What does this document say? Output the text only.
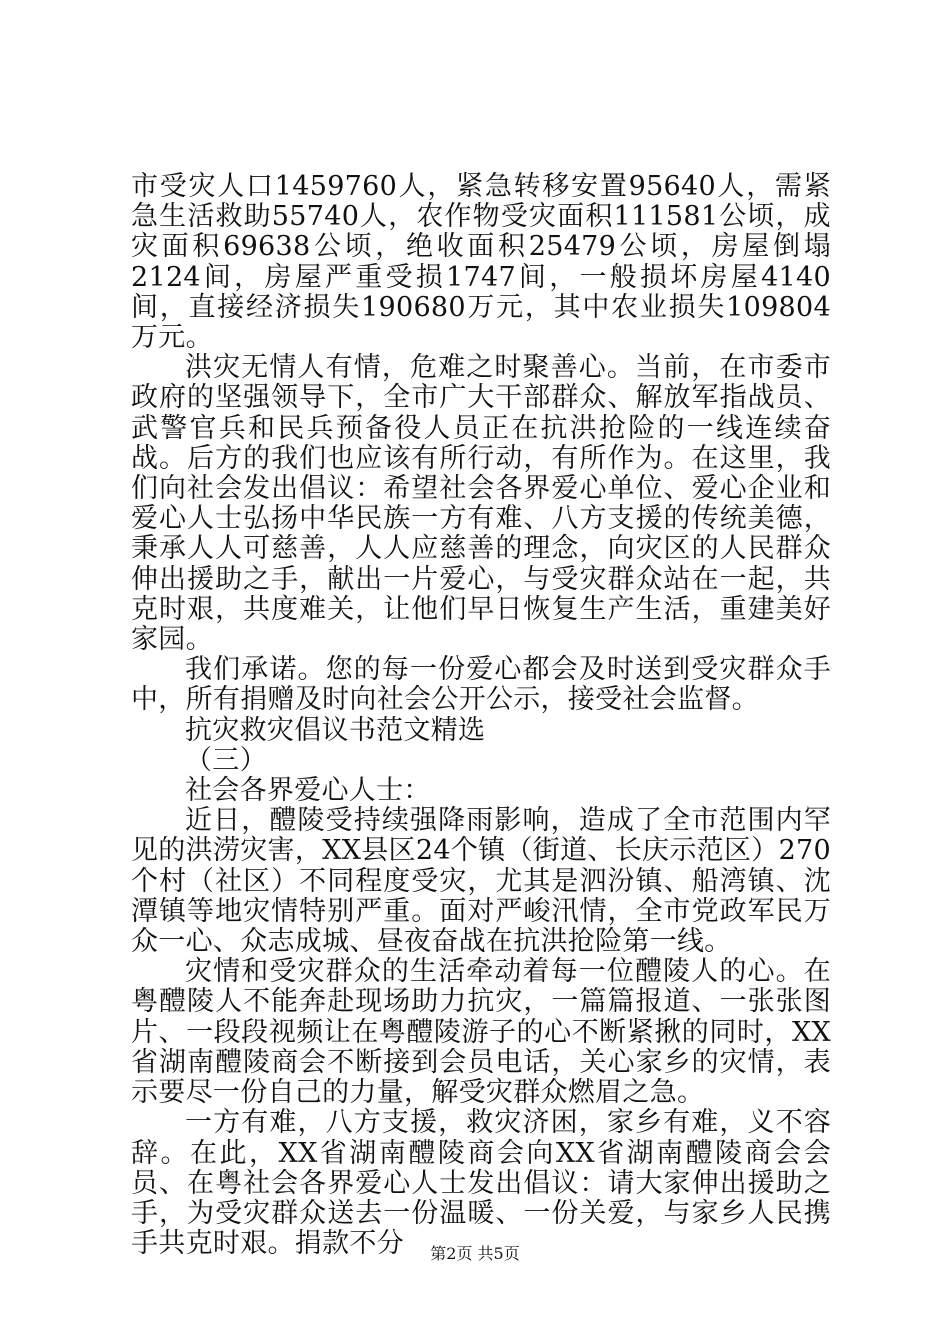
市受灾人口1459760人，紧急转移安置95640人，需紧急生活救助55740人，农作物受灾面积111581公顷，成灾面积69638公顷，绝收面积25479公顷，房屋倒塌2124间，房屋严重受损1747间，一般损坏房屋4140间，直接经济损失190680万元，其中农业损失109804万元。

洪灾无情人有情，危难之时聚善心。当前，在市委市政府的坚强领导下，全市广大干部群众、解放军指战员、武警官兵和民兵预备役人员正在抗洪抢险的一线连续奋战。后方的我们也应该有所行动，有所作为。在这里，我们向社会发出倡议：希望社会各界爱心单位、爱心企业和爱心人士弘扬中华民族一方有难、八方支援的传统美德，秉承人人可慈善，人人应慈善的理念，向灾区的人民群众伸出援助之手，献出一片爱心，与受灾群众站在一起，共克时艰，共度难关，让他们早日恢复生产生活，重建美好家园。

我们承诺。您的每一份爱心都会及时送到受灾群众手中，所有捐赠及时向社会公开公示，接受社会监督。

抗灾救灾倡议书范文精选

（三）

社会各界爱心人士：

近日，醴陵受持续强降雨影响，造成了全市范围内罕见的洪涝灾害，XX县区24个镇（街道、长庆示范区）270个村（社区）不同程度受灾，尤其是泗汾镇、船湾镇、沈潭镇等地灾情特别严重。面对严峻汛情，全市党政军民万众一心、众志成城、昼夜奋战在抗洪抢险第一线。

灾情和受灾群众的生活牵动着每一位醴陵人的心。在粤醴陵人不能奔赴现场助力抗灾，一篇篇报道、一张张图片、一段段视频让在粤醴陵游子的心不断紧揪的同时，XX省湖南醴陵商会不断接到会员电话，关心家乡的灾情，表示要尽一份自己的力量，解受灾群众燃眉之急。

一方有难，八方支援，救灾济困，家乡有难，义不容辞。在此，XX省湖南醴陵商会向XX省湖南醴陵商会会员、在粤社会各界爱心人士发出倡议：请大家伸出援助之手，为受灾群众送去一份温暖、一份关爱，与家乡人民携手共克时艰。捐款不分	第2页 共5页
